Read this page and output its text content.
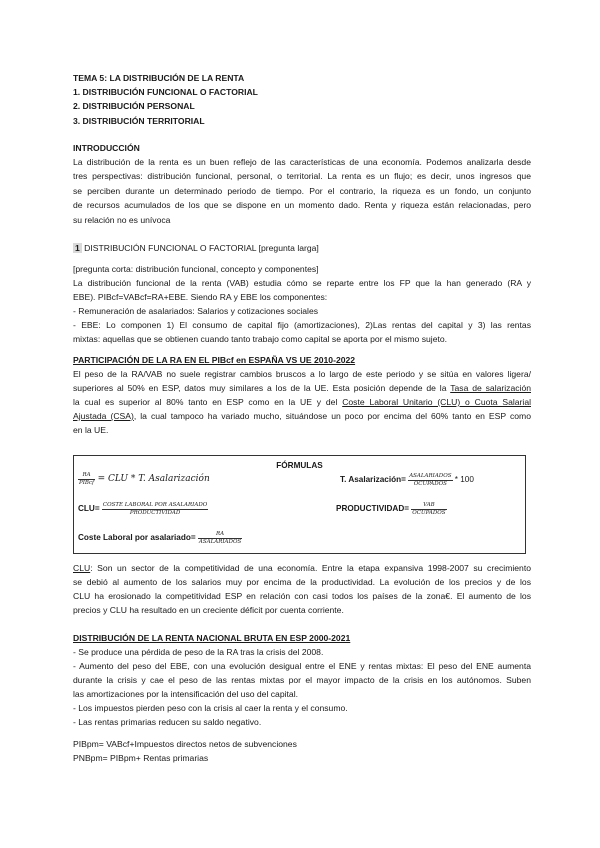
TEMA 5: LA DISTRIBUCIÓN DE LA RENTA
1. DISTRIBUCIÓN FUNCIONAL O FACTORIAL
2. DISTRIBUCIÓN PERSONAL
3. DISTRIBUCIÓN TERRITORIAL
INTRODUCCIÓN
La distribución de la renta es un buen reflejo de las características de una economía. Podemos analizarla desde
tres perspectivas: distribución funcional, personal, o territorial. La renta es un flujo; es decir, unos ingresos que
se perciben durante un determinado periodo de tiempo. Por el contrario, la riqueza es un fondo, un conjunto
de recursos acumulados de los que se dispone en un momento dado. Renta y riqueza están relacionadas, pero
su relación no es unívoca
1 DISTRIBUCIÓN FUNCIONAL O FACTORIAL [pregunta larga]
[pregunta corta: distribución funcional, concepto y componentes]
La distribución funcional de la renta (VAB) estudia cómo se reparte entre los FP que la han generado (RA y
EBE). PIBcf=VABcf=RA+EBE. Siendo RA y EBE los componentes:
- Remuneración de asalariados: Salarios y cotizaciones sociales
- EBE: Lo componen 1) El consumo de capital fijo (amortizaciones), 2)Las rentas del capital y 3) las rentas
mixtas: aquellas que se obtienen cuando tanto trabajo como capital se aporta por el mismo sujeto.
PARTICIPACIÓN DE LA RA EN EL PIBcf en ESPAÑA VS UE 2010-2022
El peso de la RA/VAB no suele registrar cambios bruscos a lo largo de este periodo y se sitúa en valores ligera/
superiores al 50% en ESP, datos muy similares a los de la UE. Esta posición depende de la Tasa de salarización
la cual es superior al 80% tanto en ESP como en la UE y del Coste Laboral Unitario (CLU) o Cuota Salarial
Ajustada (CSA), la cual tampoco ha variado mucho, situándose un poco por encima del 60% tanto en ESP como
en la UE.
FÓRMULAS
$\frac{RA}{\text{PIBcf}}$ = CLU * T. Asalarización	T. Asalarización= $\frac{\text{ASALARIADOS}}{\text{OCUPADOS}} * 100$
$CLU= \frac{\text{COSTE LABORAL POR ASALARIADO}}{\text{PRODUCTIVIDAD}}$	PRODUCTIVIDAD= $\frac{\text{VAB}}{\text{OCUPADOS}}$
Coste Laboral por asalariado= $\frac{RA}{\text{ASALARIADOS}}$
CLU: Son un sector de la competitividad de una economía. Entre la etapa expansiva 1998-2007 su crecimiento
se debió al aumento de los salarios muy por encima de la productividad. La evolución de los precios y de los
CLU ha erosionado la competitividad ESP en relación con casi todos los países de la zona€. El aumento de los
precios y CLU ha resultado en un creciente déficit por cuenta corriente.
DISTRIBUCIÓN DE LA RENTA NACIONAL BRUTA EN ESP 2000-2021
- Se produce una pérdida de peso de la RA tras la crisis del 2008.
- Aumento del peso del EBE, con una evolución desigual entre el ENE y rentas mixtas: El peso del ENE aumenta
durante la crisis y cae el peso de las rentas mixtas por el mayor impacto de la crisis en los autónomos. Suben
las amortizaciones por la intensificación del uso del capital.
- Los impuestos pierden peso con la crisis al caer la renta y el consumo.
- Las rentas primarias reducen su saldo negativo.
PIBpm= VABcf+Impuestos directos netos de subvenciones
PNBpm= PIBpm+ Rentas primarias
